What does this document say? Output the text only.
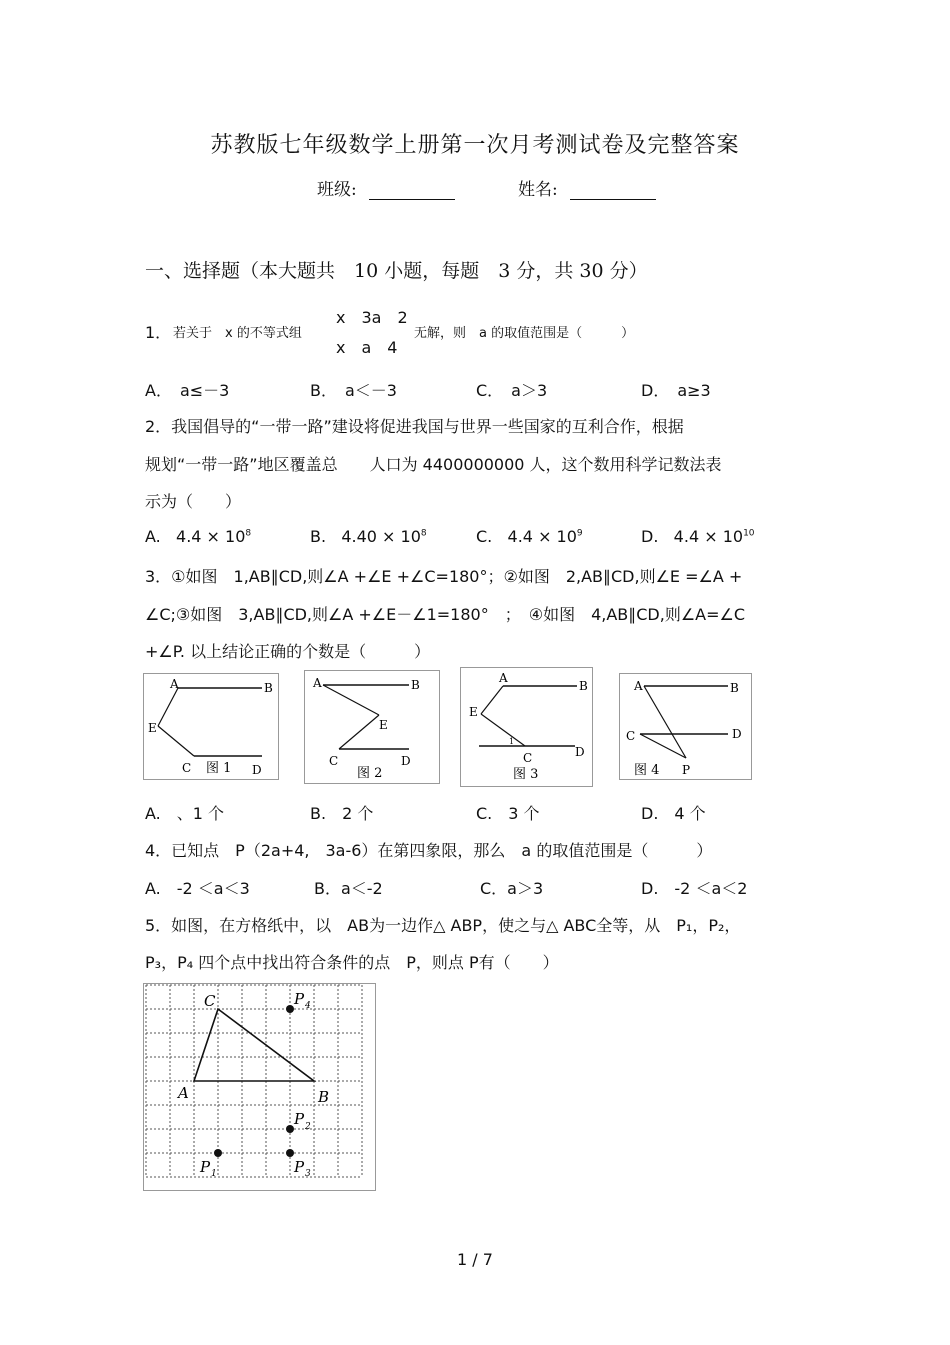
苏教版七年级数学上册第一次月考测试卷及完整答案
班级:	姓名:
一、选择题（本大题共　10 小题，每题　3 分，共 30 分）
1． 若关于　x 的不等式组
x　3a　2
x　a　4
无解，则　a 的取值范围是（　　　）
A．　a≤－3	B．　a＜－3	C．　a＞3	D．　a≥3
2．我国倡导的“一带一路”建设将促进我国与世界一些国家的互利合作，根据
规划“一带一路”地区覆盖总　　人口为 4400000000 人，这个数用科学记数法表
示为（　　）
A. $4.4 \times 10^8$	B. $4.40 \times 10^8$	C. $4.4 \times 10^9$	D. $4.4 \times 10^{10}$
3．①如图　1,AB∥CD,则∠A +∠E +∠C=180°；②如图　2,AB∥CD,则∠E =∠A +
∠C;③如图　3,AB∥CD,则∠A +∠E－∠1=180°　；　④如图　4,AB∥CD,则∠A=∠C
+∠P. 以上结论正确的个数是（　　　）
A	B
E
C	D
图 1
A	B
E
C	D
图 2
A
B
E
1
C	D
图 3
A	B
C	D
P
图 4
A.　、1 个	B.　2 个	C.　3 个	D.　4 个
4．已知点　P（2a+4,　3a-6）在第四象限，那么　a 的取值范围是（　　　）
A.　-2 ＜a＜3	B．a＜-2	C．a＞3	D.　-2 ＜a＜2
5．如图，在方格纸中，以　AB为一边作△ ABP，使之与△ ABC全等，从　P₁，P₂，
P₃，P₄ 四个点中找出符合条件的点　P，则点 P有（　　）
C
A	B
P 4
P 2
P 1	P 3
1 / 7
